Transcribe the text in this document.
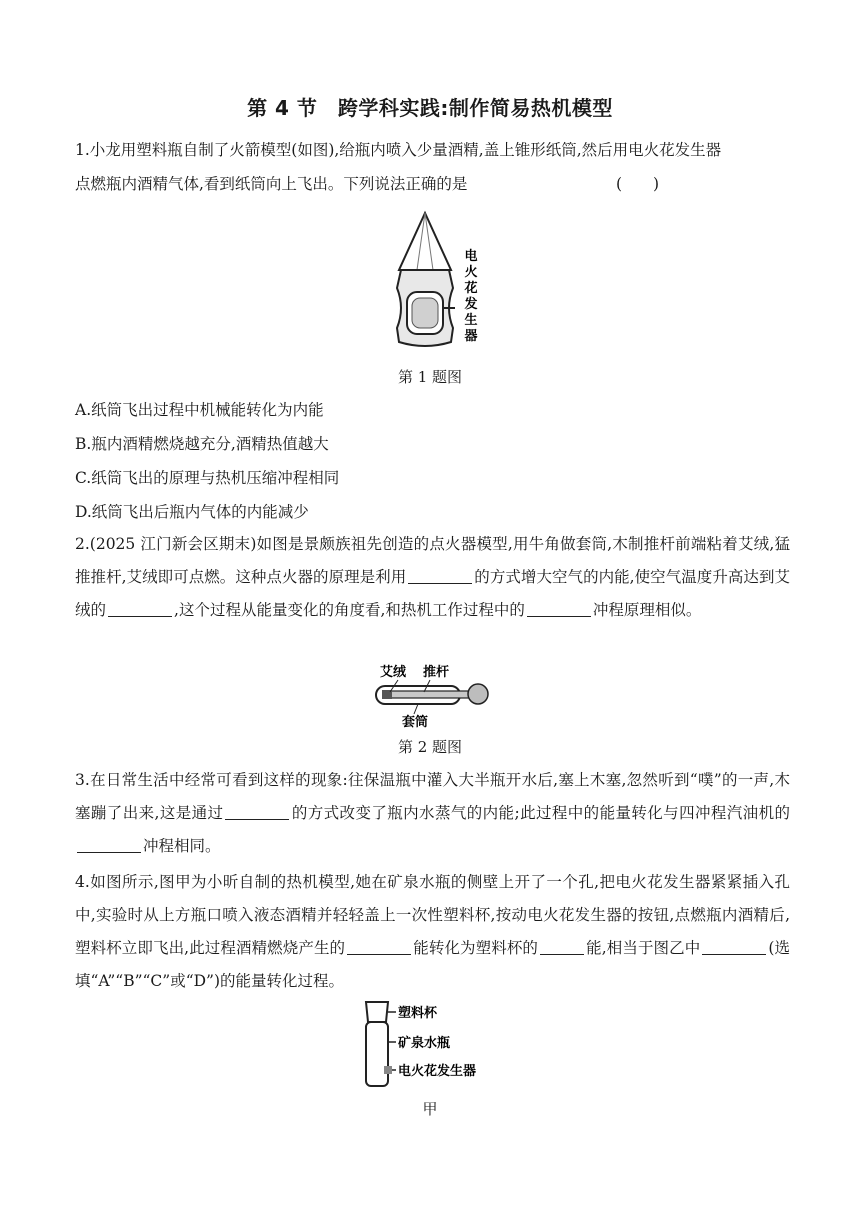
第 4 节　跨学科实践:制作简易热机模型
1.小龙用塑料瓶自制了火箭模型(如图),给瓶内喷入少量酒精,盖上锥形纸筒,然后用电火花发生器
点燃瓶内酒精气体,看到纸筒向上飞出。下列说法正确的是	(　　)
电
火
花
发
生
器
第 1 题图
A.纸筒飞出过程中机械能转化为内能
B.瓶内酒精燃烧越充分,酒精热值越大
C.纸筒飞出的原理与热机压缩冲程相同
D.纸筒飞出后瓶内气体的内能减少
2.(2025 江门新会区期末)如图是景颇族祖先创造的点火器模型,用牛角做套筒,木制推杆前端粘着艾绒,猛推推杆,艾绒即可点燃。这种点火器的原理是利用	的方式增大空气的内能,使空气温度升高达到艾绒的	,这个过程从能量变化的角度看,和热机工作过程中的	冲程原理相似。
艾绒 推杆
套筒
第 2 题图
3.在日常生活中经常可看到这样的现象:往保温瓶中灌入大半瓶开水后,塞上木塞,忽然听到“噗”的一声,木塞蹦了出来,这是通过	的方式改变了瓶内水蒸气的内能;此过程中的能量转化与四冲程汽油机的冲程相同。
4.如图所示,图甲为小昕自制的热机模型,她在矿泉水瓶的侧壁上开了一个孔,把电火花发生器紧紧插入孔中,实验时从上方瓶口喷入液态酒精并轻轻盖上一次性塑料杯,按动电火花发生器的按钮,点燃瓶内酒精后,塑料杯立即飞出,此过程酒精燃烧产生的	能转化为塑料杯的	能,相当于图乙中	(选填“A”“B”“C”或“D”)的能量转化过程。
塑料杯
矿泉水瓶
电火花发生器
甲
